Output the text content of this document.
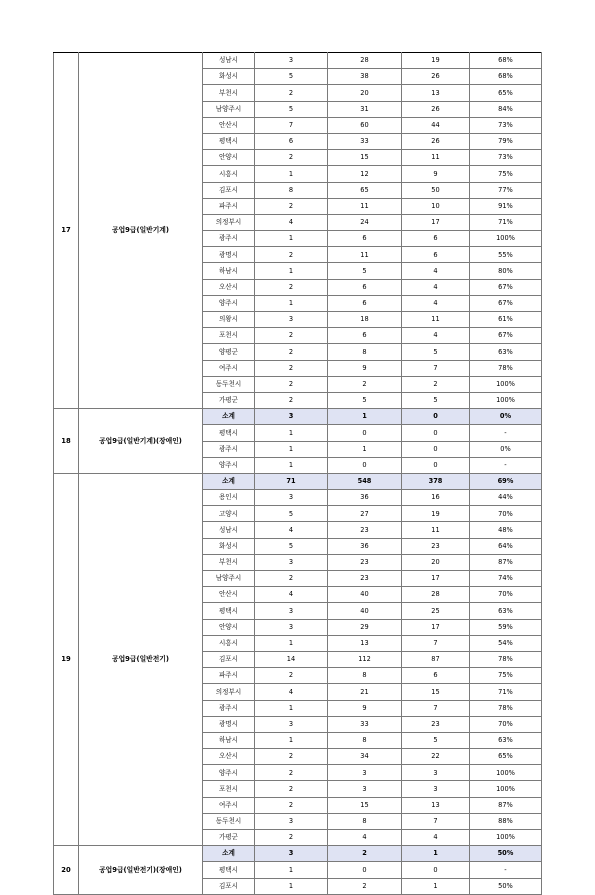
17	공업9급(일반기계)	성남시	3	28	19	68%
		화성시	5	38	26	68%
		부천시	2	20	13	65%
		남양주시	5	31	26	84%
		안산시	7	60	44	73%
		평택시	6	33	26	79%
		안양시	2	15	11	73%
		시흥시	1	12	9	75%
		김포시	8	65	50	77%
		파주시	2	11	10	91%
		의정부시	4	24	17	71%
		광주시	1	6	6	100%
		광명시	2	11	6	55%
		하남시	1	5	4	80%
		오산시	2	6	4	67%
		양주시	1	6	4	67%
		의왕시	3	18	11	61%
		포천시	2	6	4	67%
		양평군	2	8	5	63%
		여주시	2	9	7	78%
		동두천시	2	2	2	100%
		가평군	2	5	5	100%
18	공업9급(일반기계)(장애인)	소계	3	1	0	0%
		평택시	1	0	0	-
		광주시	1	1	0	0%
		양주시	1	0	0	-
19	공업9급(일반전기)	소계	71	548	378	69%
		용인시	3	36	16	44%
		고양시	5	27	19	70%
		성남시	4	23	11	48%
		화성시	5	36	23	64%
		부천시	3	23	20	87%
		남양주시	2	23	17	74%
		안산시	4	40	28	70%
		평택시	3	40	25	63%
		안양시	3	29	17	59%
		시흥시	1	13	7	54%
		김포시	14	112	87	78%
		파주시	2	8	6	75%
		의정부시	4	21	15	71%
		광주시	1	9	7	78%
		광명시	3	33	23	70%
		하남시	1	8	5	63%
		오산시	2	34	22	65%
		양주시	2	3	3	100%
		포천시	2	3	3	100%
		여주시	2	15	13	87%
		동두천시	3	8	7	88%
		가평군	2	4	4	100%
20	공업9급(일반전기)(장애인)	소계	3	2	1	50%
		평택시	1	0	0	-
		김포시	1	2	1	50%
